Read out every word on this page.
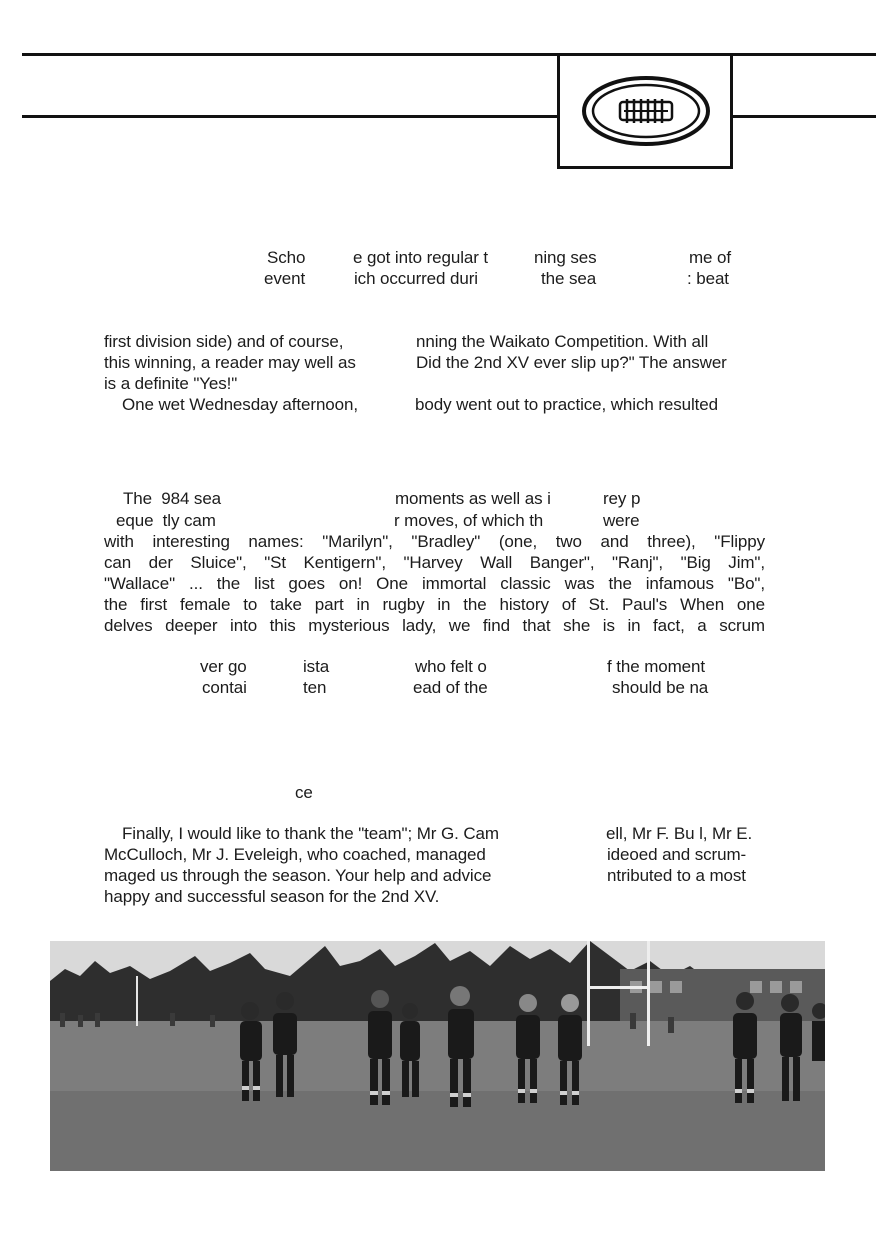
Scho	e got into regular t	ning ses	me of
event	ich occurred duri	the sea	: beat
first division side) and of course,	nning the Waikato Competition. With all
this winning, a reader may well as	Did the 2nd XV ever slip up?" The answer
is a definite "Yes!"
One wet Wednesday afternoon,	body went out to practice, which resulted
The  984 sea	moments as well as i	rey p
eque  tly cam	r moves, of which th	were
with interesting names: "Marilyn", "Bradley" (one, two and three), "Flippy
can der Sluice", "St Kentigern", "Harvey Wall Banger", "Ranj", "Big Jim",
"Wallace" ... the list goes on! One immortal classic was the infamous "Bo",
the first female to take part in rugby in the history of St. Paul's When one
delves deeper into this mysterious lady, we find that she is in fact, a scrum
ver go	ista	who felt o	f the moment
contai	ten	ead of the	should be na
ce
Finally, I would like to thank the "team"; Mr G. Cam	ell, Mr F. Bu l, Mr E.
McCulloch, Mr J. Eveleigh, who coached, managed	ideoed and scrum-
maged us through the season. Your help and advice	ntributed to a most
happy and successful season for the 2nd XV.
